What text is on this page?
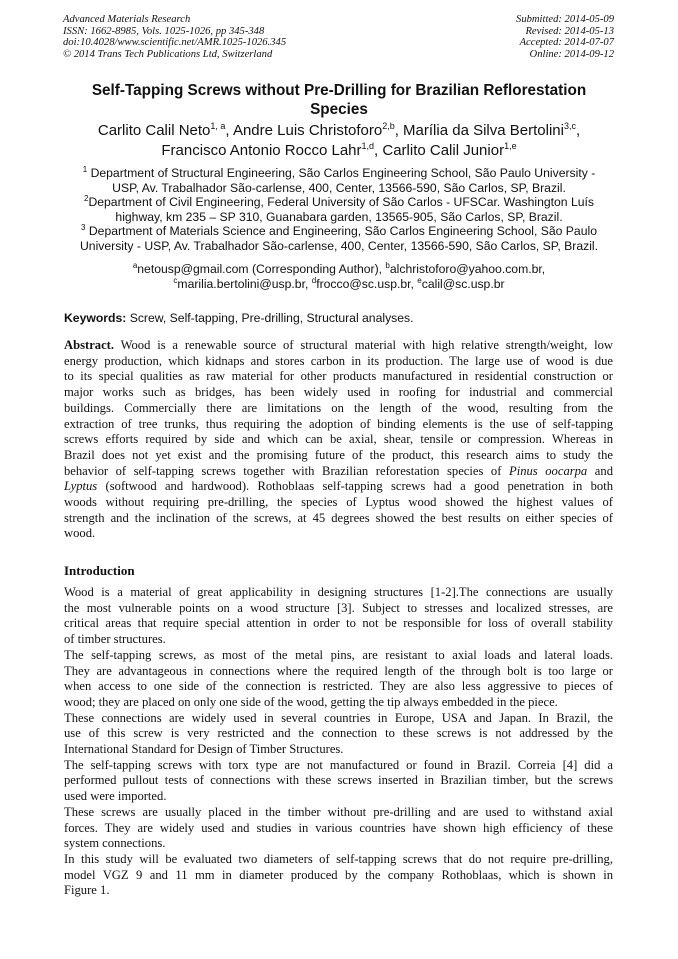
Advanced Materials Research
ISSN: 1662-8985, Vols. 1025-1026, pp 345-348
doi:10.4028/www.scientific.net/AMR.1025-1026.345
© 2014 Trans Tech Publications Ltd, Switzerland
Submitted: 2014-05-09
Revised: 2014-05-13
Accepted: 2014-07-07
Online: 2014-09-12
Self-Tapping Screws without Pre-Drilling for Brazilian Reflorestation
Species
Carlito Calil Neto$^{1, a}$, Andre Luis Christoforo$^{2,b}$, Marília da Silva Bertolini$^{3,c}$,
Francisco Antonio Rocco Lahr$^{1,d}$, Carlito Calil Junior$^{1,e}$
$^1$ Department of Structural Engineering, São Carlos Engineering School, São Paulo University -
USP, Av. Trabalhador São-carlense, 400, Center, 13566-590, São Carlos, SP, Brazil.
$^2$Department of Civil Engineering, Federal University of São Carlos - UFSCar. Washington Luís
highway, km 235 – SP 310, Guanabara garden, 13565-905, São Carlos, SP, Brazil.
$^3$ Department of Materials Science and Engineering, São Carlos Engineering School, São Paulo
University - USP, Av. Trabalhador São-carlense, 400, Center, 13566-590, São Carlos, SP, Brazil.
$^a$netousp@gmail.com (Corresponding Author), $^b$alchristoforo@yahoo.com.br,
$^c$marilia.bertolini@usp.br, $^d$frocco@sc.usp.br, $^e$calil@sc.usp.br
Keywords: Screw, Self-tapping, Pre-drilling, Structural analyses.
Abstract. Wood is a renewable source of structural material with high relative strength/weight, low
energy production, which kidnaps and stores carbon in its production. The large use of wood is due
to its special qualities as raw material for other products manufactured in residential construction or
major works such as bridges, has been widely used in roofing for industrial and commercial
buildings. Commercially there are limitations on the length of the wood, resulting from the
extraction of tree trunks, thus requiring the adoption of binding elements is the use of self-tapping
screws efforts required by side and which can be axial, shear, tensile or compression. Whereas in
Brazil does not yet exist and the promising future of the product, this research aims to study the
behavior of self-tapping screws together with Brazilian reforestation species of Pinus oocarpa and
Lyptus (softwood and hardwood). Rothoblaas self-tapping screws had a good penetration in both
woods without requiring pre-drilling, the species of Lyptus wood showed the highest values of
strength and the inclination of the screws, at 45 degrees showed the best results on either species of
wood.
Introduction
Wood is a material of great applicability in designing structures [1-2].The connections are usually
the most vulnerable points on a wood structure [3]. Subject to stresses and localized stresses, are
critical areas that require special attention in order to not be responsible for loss of overall stability
of timber structures.
The self-tapping screws, as most of the metal pins, are resistant to axial loads and lateral loads.
They are advantageous in connections where the required length of the through bolt is too large or
when access to one side of the connection is restricted. They are also less aggressive to pieces of
wood; they are placed on only one side of the wood, getting the tip always embedded in the piece.
These connections are widely used in several countries in Europe, USA and Japan. In Brazil, the
use of this screw is very restricted and the connection to these screws is not addressed by the
International Standard for Design of Timber Structures.
The self-tapping screws with torx type are not manufactured or found in Brazil. Correia [4] did a
performed pullout tests of connections with these screws inserted in Brazilian timber, but the screws
used were imported.
These screws are usually placed in the timber without pre-drilling and are used to withstand axial
forces. They are widely used and studies in various countries have shown high efficiency of these
system connections.
In this study will be evaluated two diameters of self-tapping screws that do not require pre-drilling,
model VGZ 9 and 11 mm in diameter produced by the company Rothoblaas, which is shown in
Figure 1.
